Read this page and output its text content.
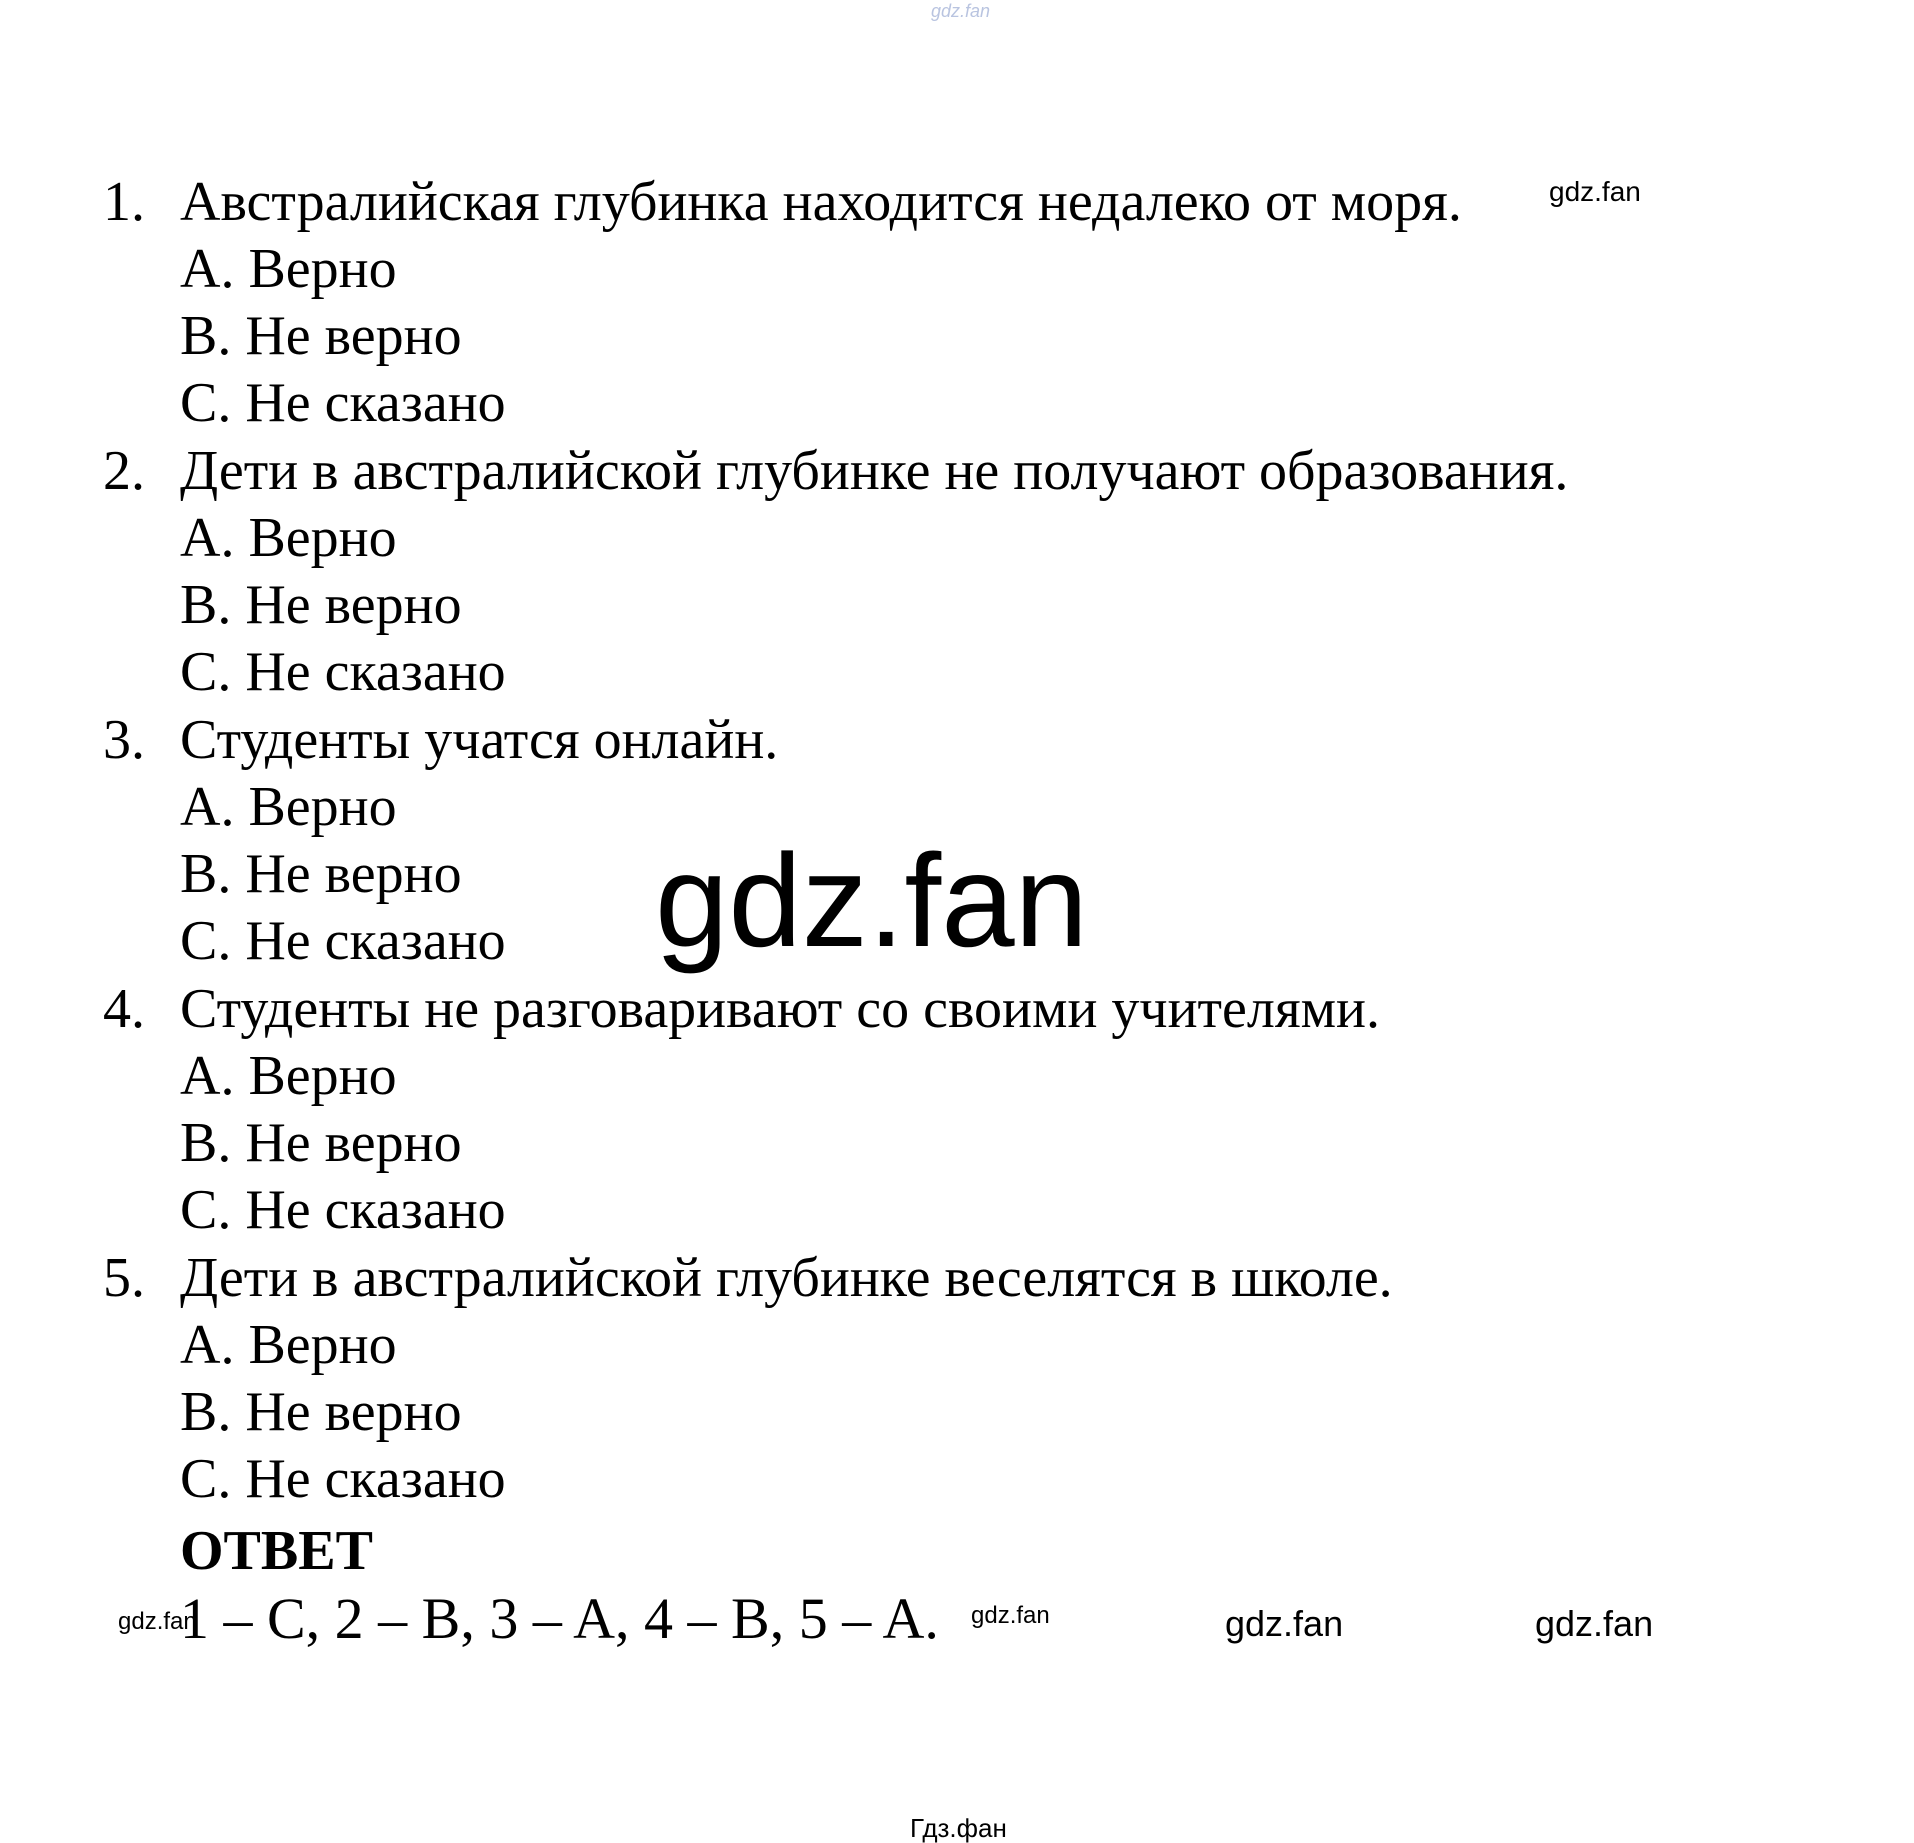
gdz.fan
1. Австралийская глубинка находится недалеко от моря.
A. Верно
B. Не верно
C. Не сказано
2. Дети в австралийской глубинке не получают образования.
A. Верно
B. Не верно
C. Не сказано
3. Студенты учатся онлайн.
A. Верно
B. Не верно
C. Не сказано
4. Студенты не разговаривают со своими учителями.
A. Верно
B. Не верно
C. Не сказано
5. Дети в австралийской глубинке веселятся в школе.
A. Верно
B. Не верно
C. Не сказано
ОТВЕТ
1 – C, 2 – B, 3 – A, 4 – B, 5 – A.
gdz.fan
gdz.fan
gdz.fan	gdz.fan	gdz.fan	gdz.fan
Гдз.фан
